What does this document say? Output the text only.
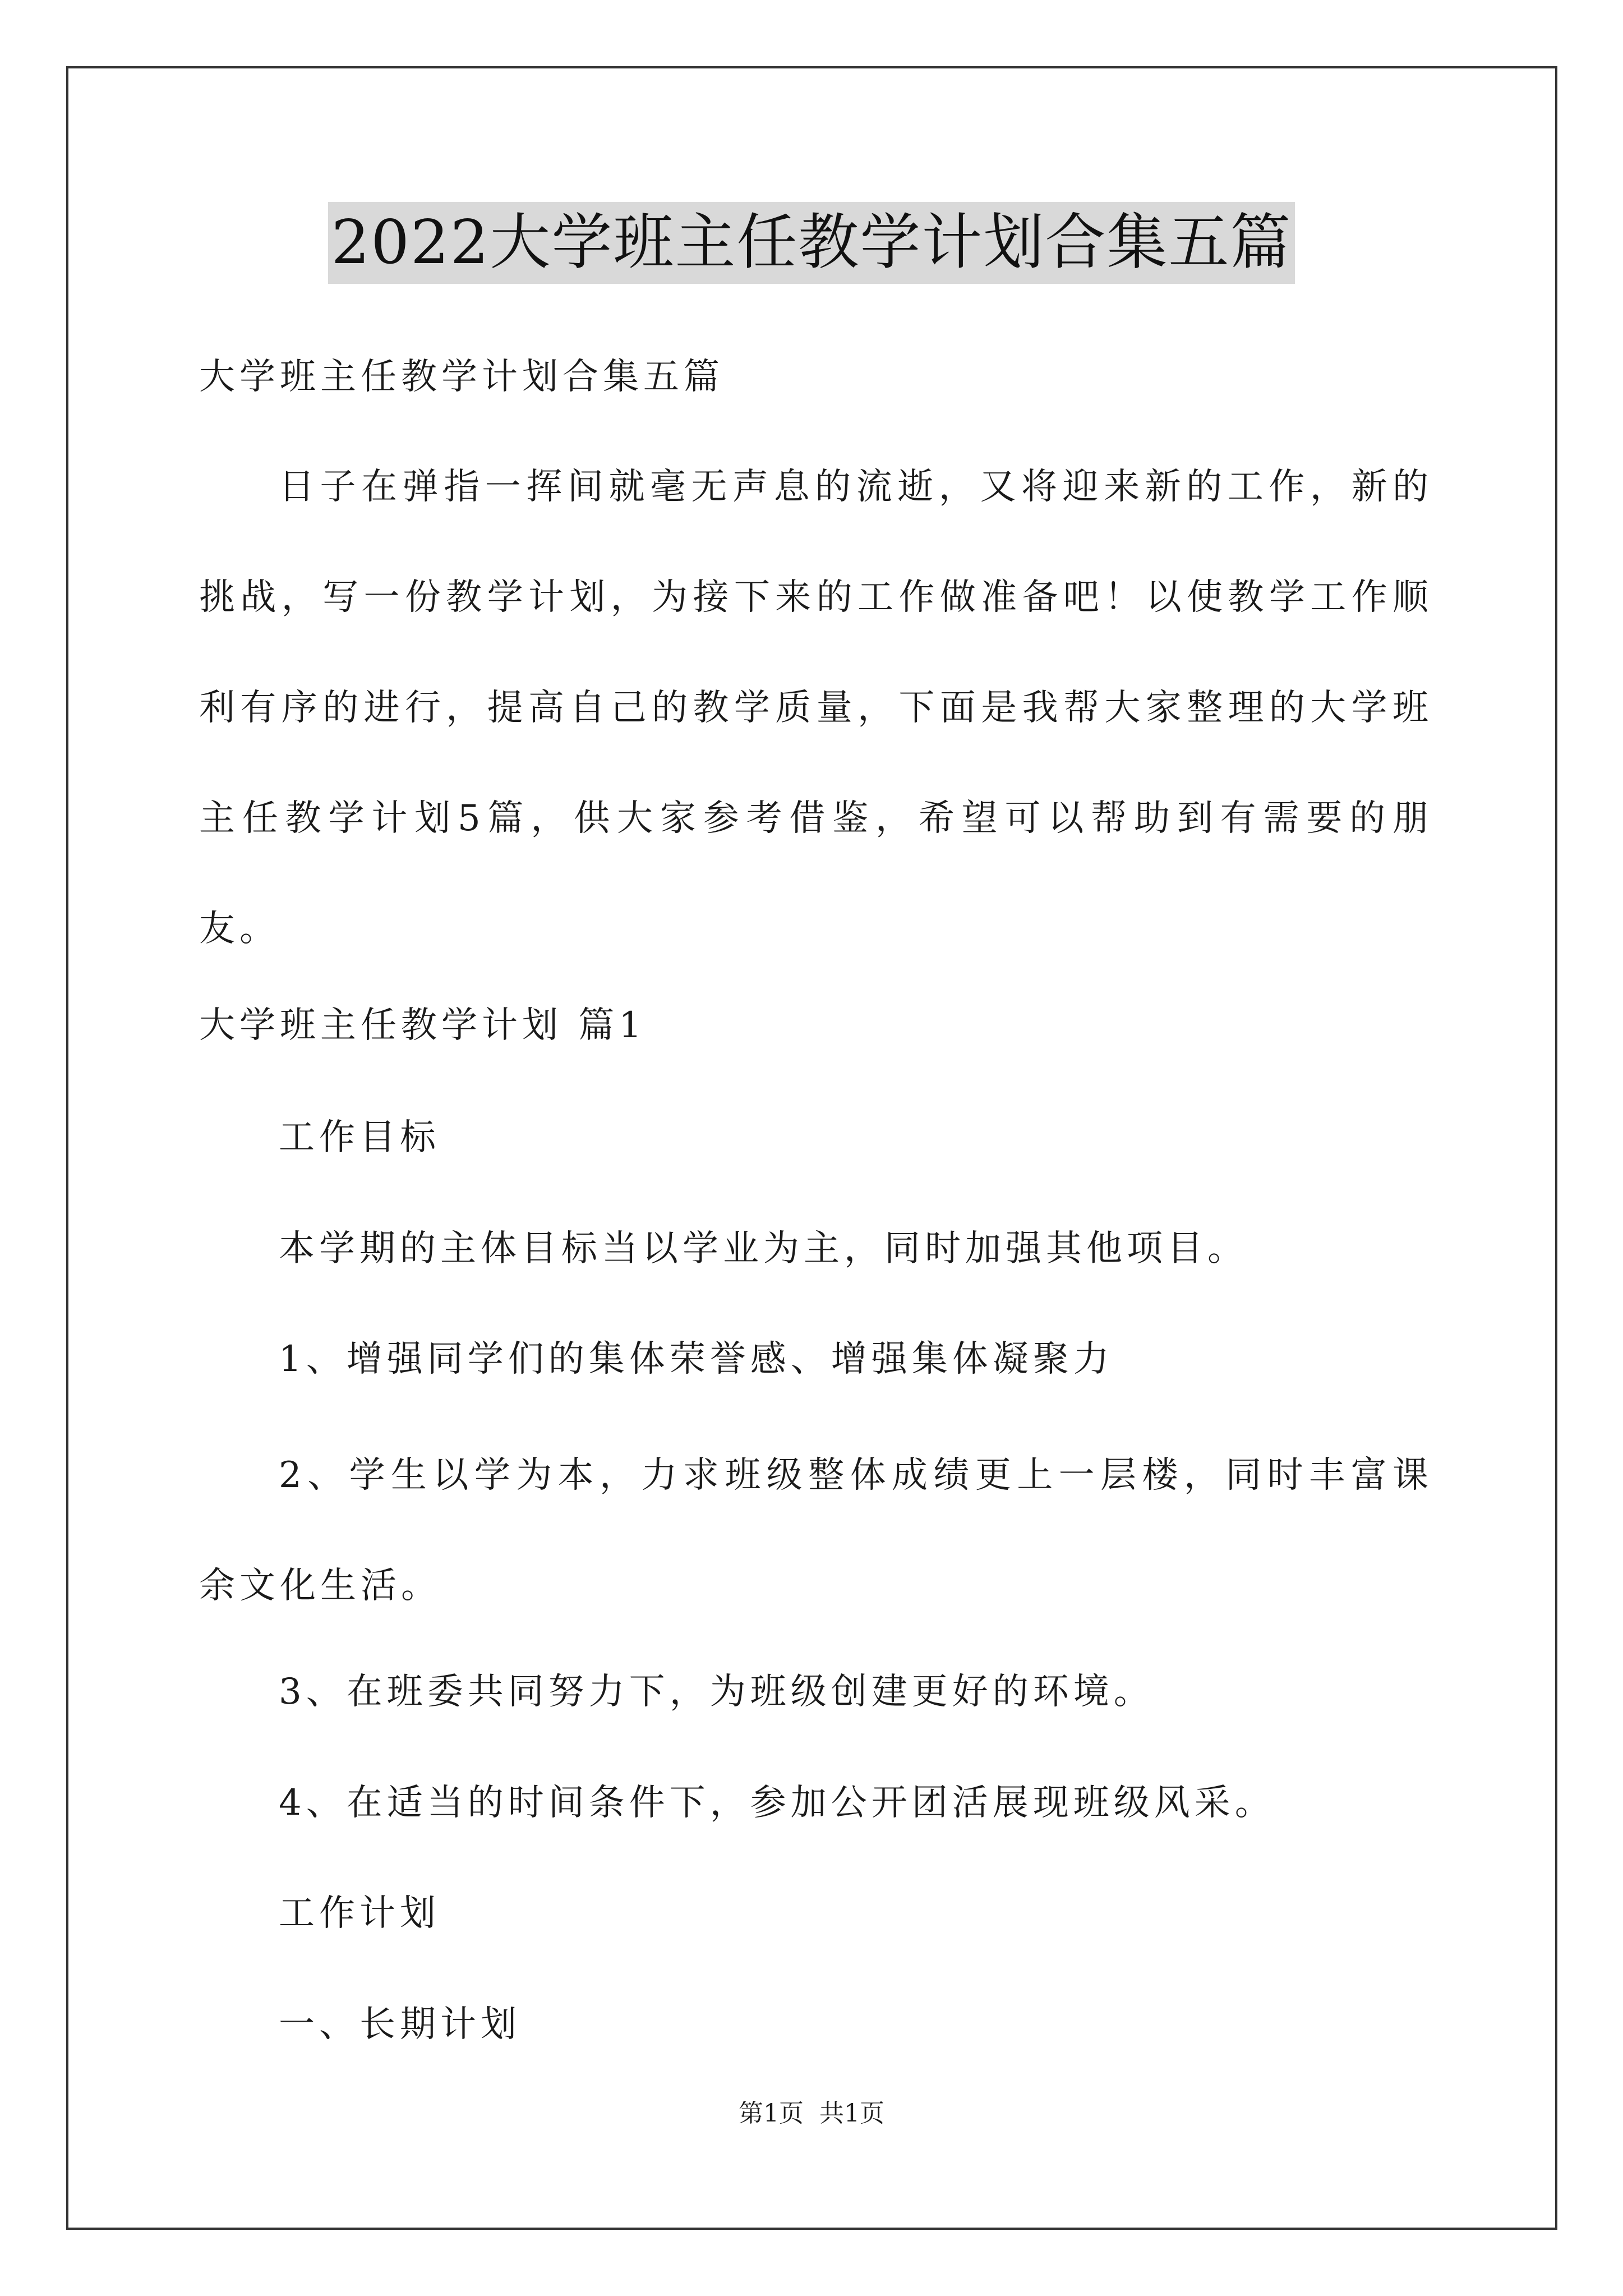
2022大学班主任教学计划合集五篇
大学班主任教学计划合集五篇

日子在弹指一挥间就毫无声息的流逝，又将迎来新的工作，新的挑战，写一份教学计划，为接下来的工作做准备吧！以使教学工作顺利有序的进行，提高自己的教学质量，下面是我帮大家整理的大学班主任教学计划5篇，供大家参考借鉴，希望可以帮助到有需要的朋友。

大学班主任教学计划 篇1
工作目标
本学期的主体目标当以学业为主，同时加强其他项目。
1、增强同学们的集体荣誉感、增强集体凝聚力

2、学生以学为本，力求班级整体成绩更上一层楼，同时丰富课余文化生活。

3、在班委共同努力下，为班级创建更好的环境。
4、在适当的时间条件下，参加公开团活展现班级风采。
工作计划
一、长期计划
第1页 共1页
